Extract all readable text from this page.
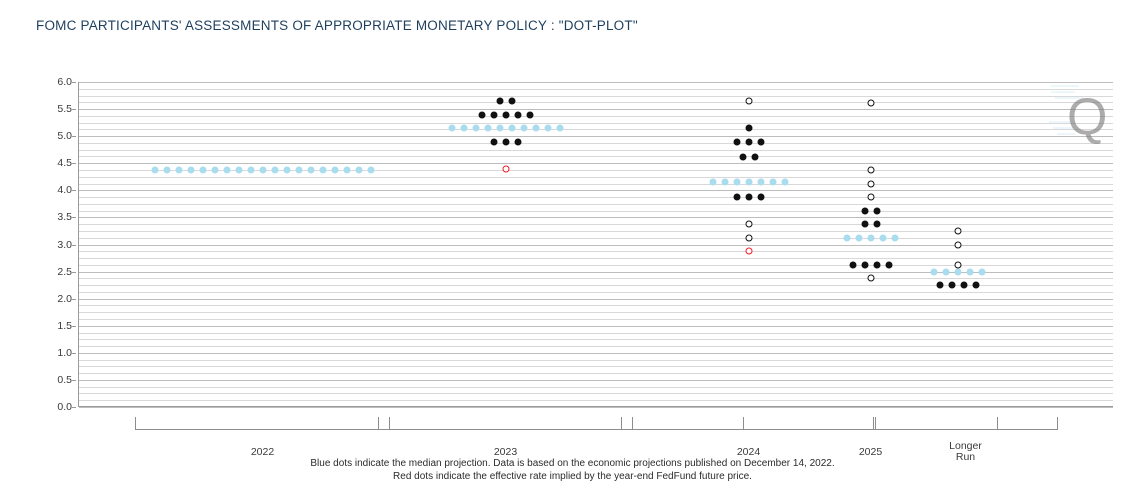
FOMC PARTICIPANTS' ASSESSMENTS OF APPROPRIATE MONETARY POLICY : "DOT-PLOT"
0.0
0.5
1.0
1.5
2.0
2.5
3.0
3.5
4.0
4.5
5.0
5.5
6.0
2022	2023	2024	2025	Longer
Run
Blue dots indicate the median projection. Data is based on the economic projections published on December 14, 2022.
Red dots indicate the effective rate implied by the year-end FedFund future price.
Q
